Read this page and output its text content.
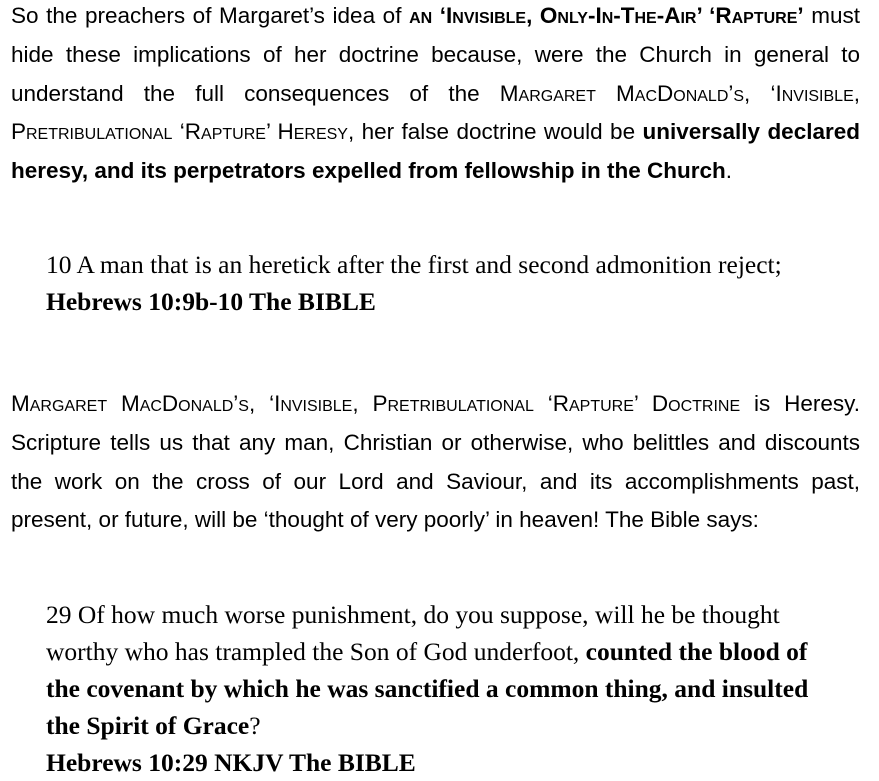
So the preachers of Margaret’s idea of an ‘Invisible, Only-In-The-Air’ ‘Rapture’ must hide these implications of her doctrine because, were the Church in general to understand the full consequences of the Margaret MacDonald’s, ‘Invisible, Pretribulational ‘Rapture’ Heresy, her false doctrine would be universally declared heresy, and its perpetrators expelled from fellowship in the Church.

10 A man that is an heretick after the first and second admonition reject;
Hebrews 10:9b-10 The BIBLE

Margaret MacDonald’s, ‘Invisible, Pretribulational ‘Rapture’ Doctrine is Heresy. Scripture tells us that any man, Christian or otherwise, who belittles and discounts the work on the cross of our Lord and Saviour, and its accomplishments past, present, or future, will be ‘thought of very poorly’ in heaven! The Bible says:

29 Of how much worse punishment, do you suppose, will he be thought worthy who has trampled the Son of God underfoot, counted the blood of the covenant by which he was sanctified a common thing, and insulted the Spirit of Grace?
Hebrews 10:29 NKJV The BIBLE
